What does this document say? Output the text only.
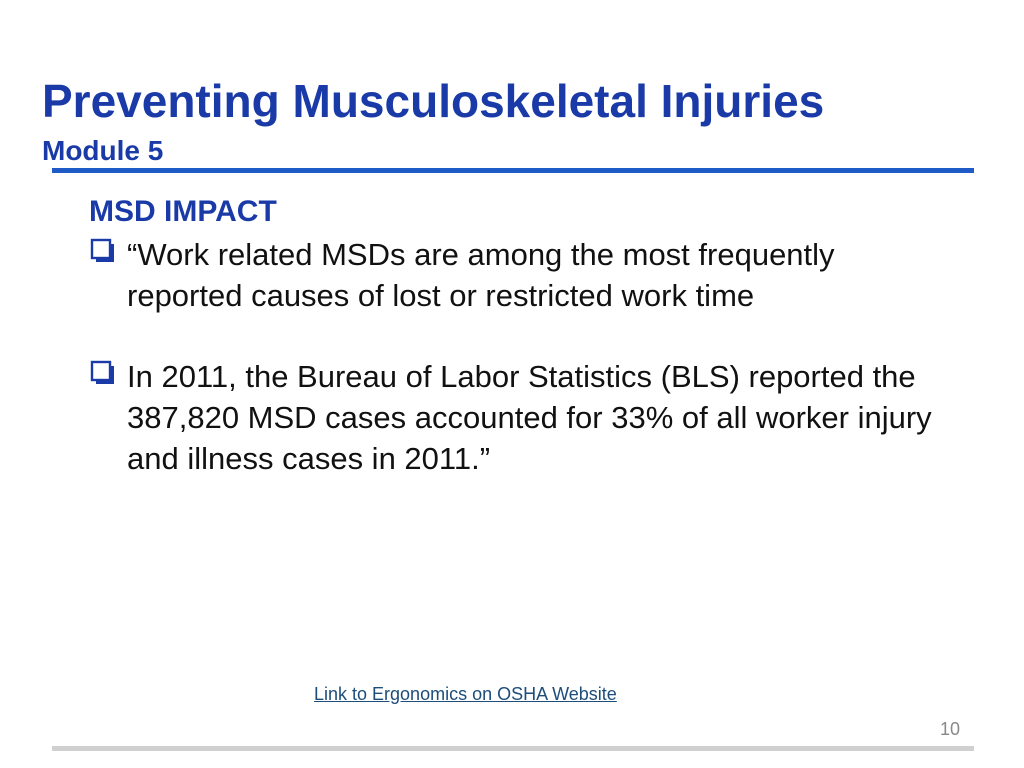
Preventing Musculoskeletal Injuries
Module 5
MSD IMPACT
“Work related MSDs are among the most frequently reported causes of lost or restricted work time
In 2011, the Bureau of Labor Statistics (BLS) reported the 387,820 MSD cases accounted for 33% of all worker injury and illness cases in 2011.”
Link to Ergonomics on OSHA Website
10
